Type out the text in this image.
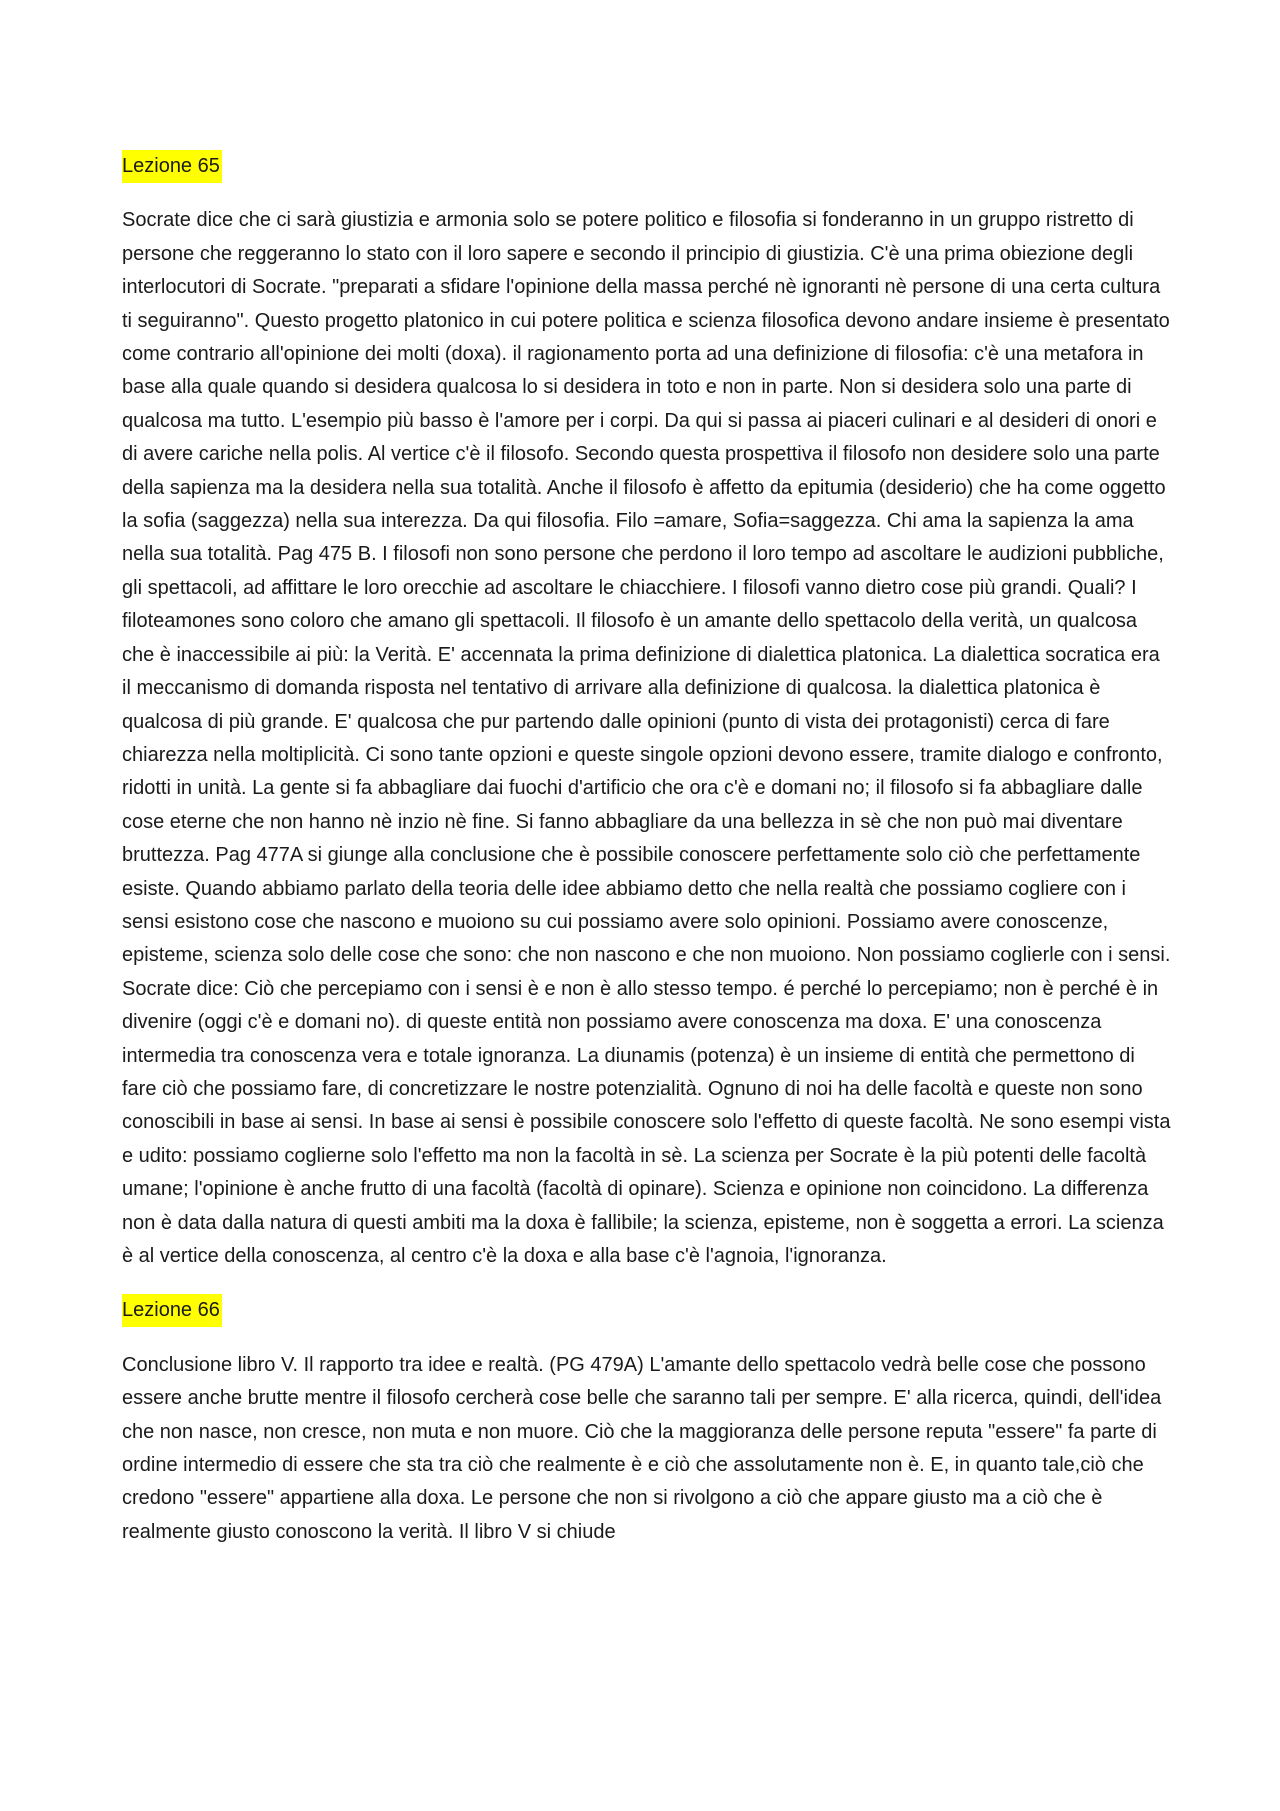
Lezione 65

Socrate dice che ci sarà giustizia e armonia solo se potere politico e filosofia si fonderanno in un gruppo ristretto di persone che reggeranno lo stato con il loro sapere e secondo il principio di giustizia. C'è una prima obiezione degli interlocutori di Socrate. "preparati a sfidare l'opinione della massa perché nè ignoranti nè persone di una certa cultura ti seguiranno". Questo progetto platonico in cui potere politica e scienza filosofica devono andare insieme è presentato come contrario all'opinione dei molti (doxa). il ragionamento porta ad una definizione di filosofia: c'è una metafora in base alla quale quando si desidera qualcosa lo si desidera in toto e non in parte. Non si desidera solo una parte di qualcosa ma tutto. L'esempio più basso è l'amore per i corpi. Da qui si passa ai piaceri culinari e al desideri di onori e di avere cariche nella polis. Al vertice c'è il filosofo. Secondo questa prospettiva il filosofo non desidere solo una parte della sapienza ma la desidera nella sua totalità. Anche il filosofo è affetto da epitumia (desiderio) che ha come oggetto la sofia (saggezza) nella sua interezza. Da qui filosofia. Filo =amare, Sofia=saggezza. Chi ama la sapienza la ama nella sua totalità. Pag 475 B. I filosofi non sono persone che perdono il loro tempo ad ascoltare le audizioni pubbliche, gli spettacoli, ad affittare le loro orecchie ad ascoltare le chiacchiere. I filosofi vanno dietro cose più grandi. Quali? I filoteamones sono coloro che amano gli spettacoli. Il filosofo è un amante dello spettacolo della verità, un qualcosa che è inaccessibile ai più: la Verità. E' accennata la prima definizione di dialettica platonica. La dialettica socratica era il meccanismo di domanda risposta nel tentativo di arrivare alla definizione di qualcosa. la dialettica platonica è qualcosa di più grande. E' qualcosa che pur partendo dalle opinioni (punto di vista dei protagonisti) cerca di fare chiarezza nella moltiplicità. Ci sono tante opzioni e queste singole opzioni devono essere, tramite dialogo e confronto, ridotti in unità. La gente si fa abbagliare dai fuochi d'artificio che ora c'è e domani no; il filosofo si fa abbagliare dalle cose eterne che non hanno nè inzio nè fine. Si fanno abbagliare da una bellezza in sè che non può mai diventare bruttezza. Pag 477A si giunge alla conclusione che è possibile conoscere perfettamente solo ciò che perfettamente esiste. Quando abbiamo parlato della teoria delle idee abbiamo detto che nella realtà che possiamo cogliere con i sensi esistono cose che nascono e muoiono su cui possiamo avere solo opinioni. Possiamo avere conoscenze, episteme, scienza solo delle cose che sono: che non nascono e che non muoiono. Non possiamo coglierle con i sensi. Socrate dice: Ciò che percepiamo con i sensi è e non è allo stesso tempo. é perché lo percepiamo; non è perché è in divenire (oggi c'è e domani no). di queste entità non possiamo avere conoscenza ma doxa. E' una conoscenza intermedia tra conoscenza vera e totale ignoranza. La diunamis (potenza) è un insieme di entità che permettono di fare ciò che possiamo fare, di concretizzare le nostre potenzialità. Ognuno di noi ha delle facoltà e queste non sono conoscibili in base ai sensi. In base ai sensi è possibile conoscere solo l'effetto di queste facoltà. Ne sono esempi vista e udito: possiamo coglierne solo l'effetto ma non la facoltà in sè. La scienza per Socrate è la più potenti delle facoltà umane; l'opinione è anche frutto di una facoltà (facoltà di opinare). Scienza e opinione non coincidono. La differenza non è data dalla natura di questi ambiti ma la doxa è fallibile; la scienza, episteme, non è soggetta a errori. La scienza è al vertice della conoscenza, al centro c'è la doxa e alla base c'è l'agnoia, l'ignoranza.

Lezione 66

Conclusione libro V. Il rapporto tra idee e realtà. (PG 479A) L'amante dello spettacolo vedrà belle cose che possono essere anche brutte mentre il filosofo cercherà cose belle che saranno tali per sempre. E' alla ricerca, quindi, dell'idea che non nasce, non cresce, non muta e non muore. Ciò che la maggioranza delle persone reputa "essere" fa parte di ordine intermedio di essere che sta tra ciò che realmente è e ciò che assolutamente non è. E, in quanto tale,ciò che credono "essere" appartiene alla doxa. Le persone che non si rivolgono a ciò che appare giusto ma a ciò che è realmente giusto conoscono la verità. Il libro V si chiude
